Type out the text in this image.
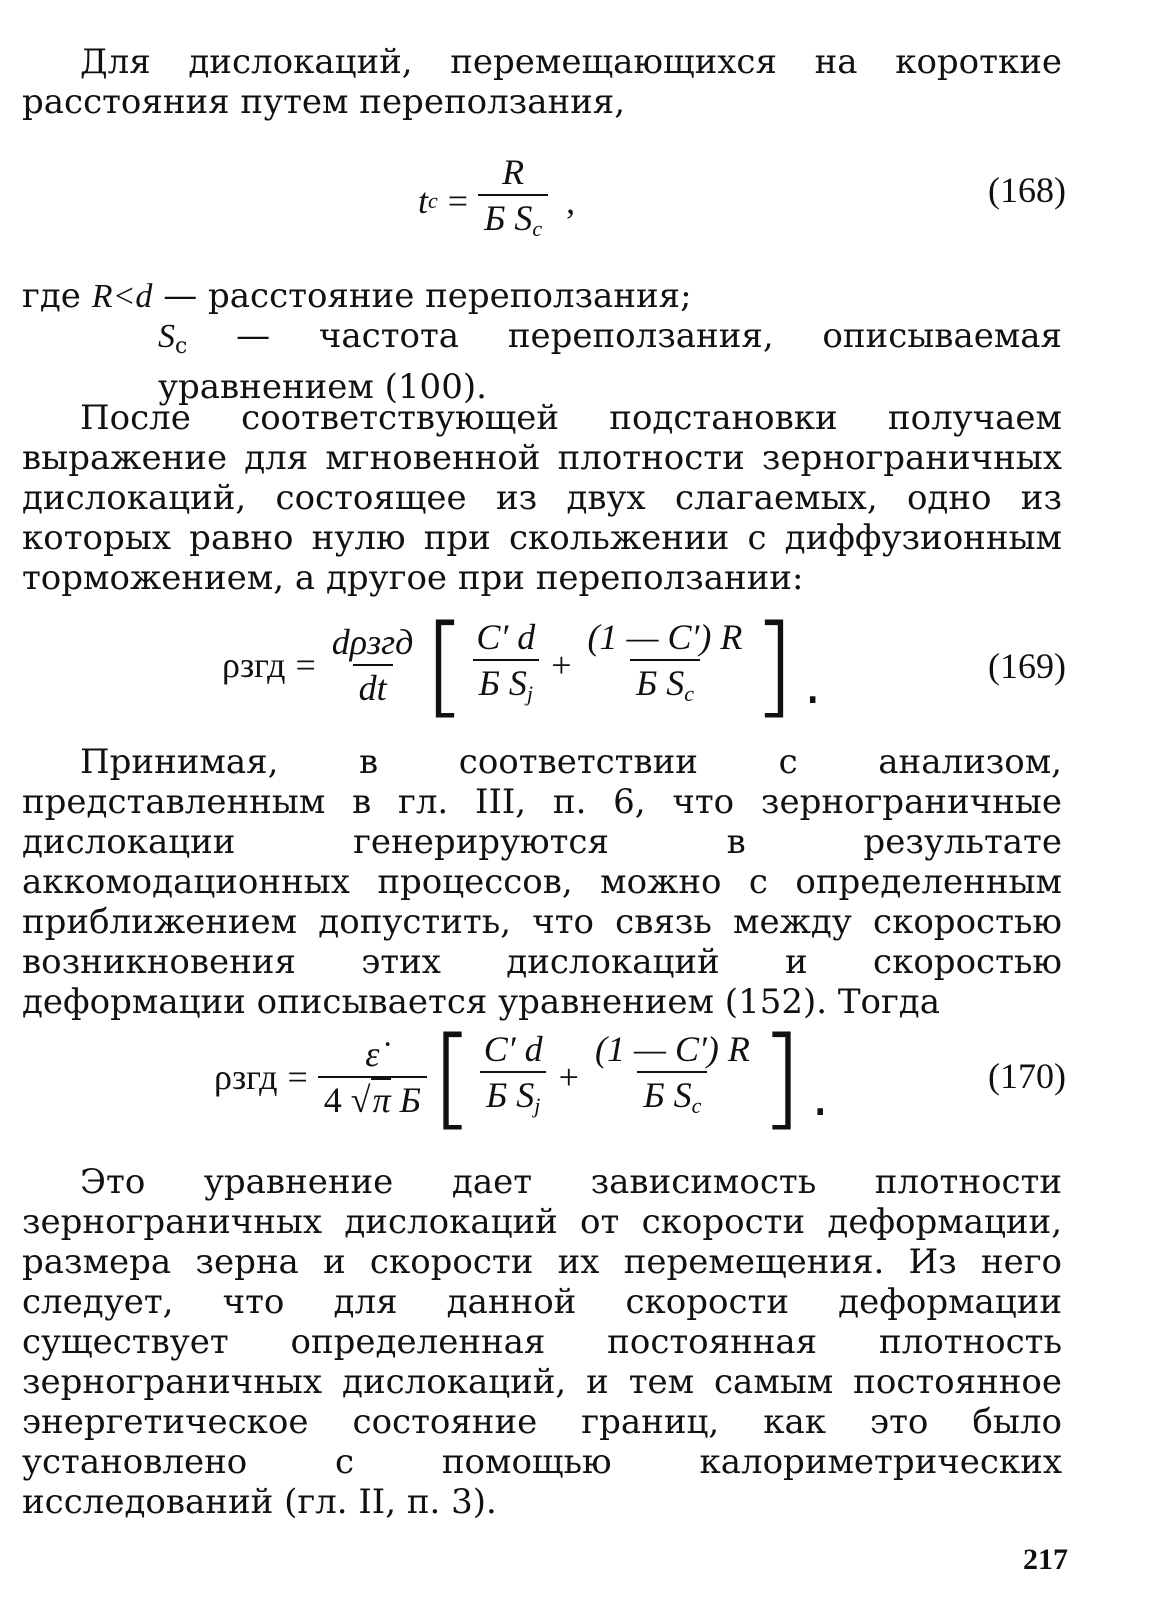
Для дислокаций, перемещающихся на короткие расстояния путем переползания,

t $c = \frac{R}{Б S_c}$ ,	(168)
где R<d — расстояние переползания;
$S_c$ — частота переползания, описываемая уравнением (100).

После соответствующей подстановки получаем выражение для мгновенной плотности зернограничных дислокаций, состоящее из двух слагаемых, одно из которых равно нулю при скольжении с диффузионным торможением, а другое при переползании:

$\rho згд = \frac{\text{dρзгд}}{dt}$ [ $\frac{C' d}{Б S_j} + \frac{(1 — C') R}{Б S_c}$ ].	(169)

Принимая, в соответствии с анализом, представленным в гл. III, п. 6, что зернограничные дислокации генерируются в результате аккомодационных процессов, можно с определенным приближением допустить, что связь между скоростью возникновения этих дислокаций и скоростью деформации описывается уравнением (152). Тогда

$\rho згд = \frac{\varepsiloṅ}{\text{4 √π Б}}$ [ $\frac{C' d}{Б S_j} + \frac{(1 — C') R}{Б S_c}$ ].	(170)

Это уравнение дает зависимость плотности зернограничных дислокаций от скорости деформации, размера зерна и скорости их перемещения. Из него следует, что для данной скорости деформации существует определенная постоянная плотность зернограничных дислокаций, и тем самым постоянное энергетическое состояние границ, как это было установлено с помощью калориметрических исследований (гл. II, п. 3).

217
